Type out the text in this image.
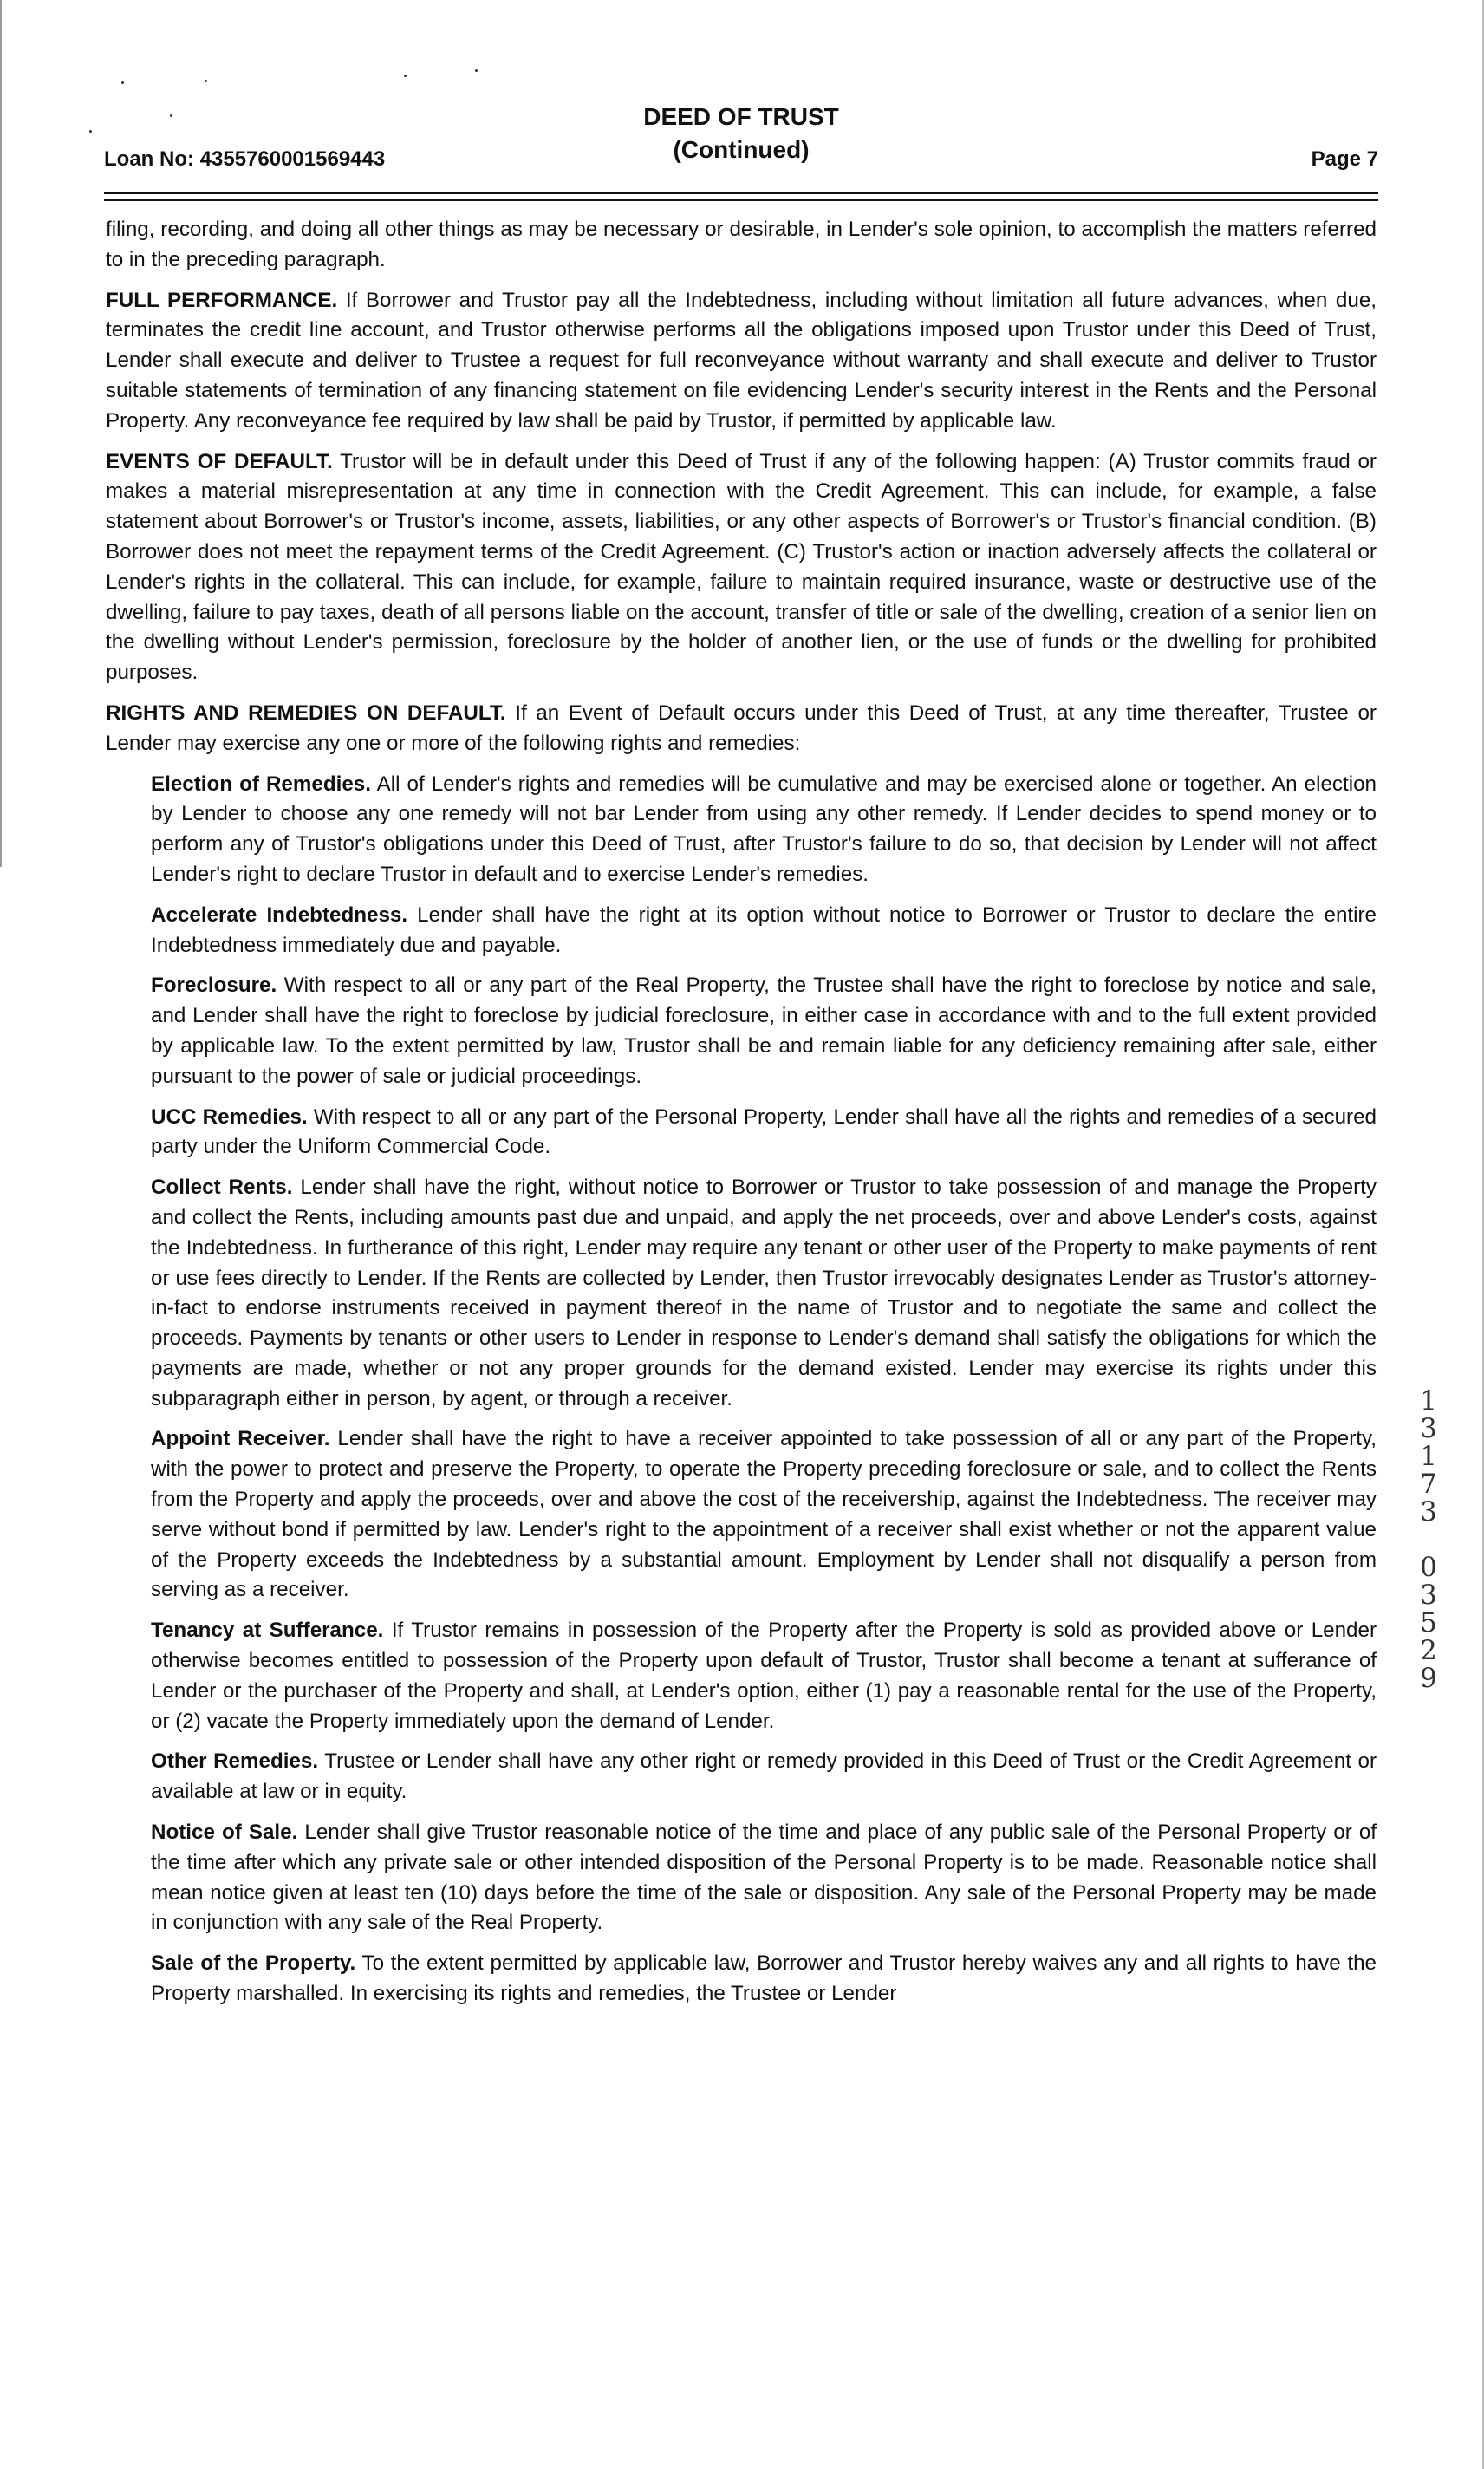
Loan No: 4355760001569443
DEED OF TRUST
(Continued)	Page 7

filing, recording, and doing all other things as may be necessary or desirable, in Lender's sole opinion, to accomplish the matters referred to in the preceding paragraph.

FULL PERFORMANCE. If Borrower and Trustor pay all the Indebtedness, including without limitation all future advances, when due, terminates the credit line account, and Trustor otherwise performs all the obligations imposed upon Trustor under this Deed of Trust, Lender shall execute and deliver to Trustee a request for full reconveyance without warranty and shall execute and deliver to Trustor suitable statements of termination of any financing statement on file evidencing Lender's security interest in the Rents and the Personal Property. Any reconveyance fee required by law shall be paid by Trustor, if permitted by applicable law.

EVENTS OF DEFAULT. Trustor will be in default under this Deed of Trust if any of the following happen: (A) Trustor commits fraud or makes a material misrepresentation at any time in connection with the Credit Agreement. This can include, for example, a false statement about Borrower's or Trustor's income, assets, liabilities, or any other aspects of Borrower's or Trustor's financial condition. (B) Borrower does not meet the repayment terms of the Credit Agreement. (C) Trustor's action or inaction adversely affects the collateral or Lender's rights in the collateral. This can include, for example, failure to maintain required insurance, waste or destructive use of the dwelling, failure to pay taxes, death of all persons liable on the account, transfer of title or sale of the dwelling, creation of a senior lien on the dwelling without Lender's permission, foreclosure by the holder of another lien, or the use of funds or the dwelling for prohibited purposes.

RIGHTS AND REMEDIES ON DEFAULT. If an Event of Default occurs under this Deed of Trust, at any time thereafter, Trustee or Lender may exercise any one or more of the following rights and remedies:

Election of Remedies. All of Lender's rights and remedies will be cumulative and may be exercised alone or together. An election by Lender to choose any one remedy will not bar Lender from using any other remedy. If Lender decides to spend money or to perform any of Trustor's obligations under this Deed of Trust, after Trustor's failure to do so, that decision by Lender will not affect Lender's right to declare Trustor in default and to exercise Lender's remedies.

Accelerate Indebtedness. Lender shall have the right at its option without notice to Borrower or Trustor to declare the entire Indebtedness immediately due and payable.

Foreclosure. With respect to all or any part of the Real Property, the Trustee shall have the right to foreclose by notice and sale, and Lender shall have the right to foreclose by judicial foreclosure, in either case in accordance with and to the full extent provided by applicable law. To the extent permitted by law, Trustor shall be and remain liable for any deficiency remaining after sale, either pursuant to the power of sale or judicial proceedings.

UCC Remedies. With respect to all or any part of the Personal Property, Lender shall have all the rights and remedies of a secured party under the Uniform Commercial Code.

Collect Rents. Lender shall have the right, without notice to Borrower or Trustor to take possession of and manage the Property and collect the Rents, including amounts past due and unpaid, and apply the net proceeds, over and above Lender's costs, against the Indebtedness. In furtherance of this right, Lender may require any tenant or other user of the Property to make payments of rent or use fees directly to Lender. If the Rents are collected by Lender, then Trustor irrevocably designates Lender as Trustor's attorney-in-fact to endorse instruments received in payment thereof in the name of Trustor and to negotiate the same and collect the proceeds. Payments by tenants or other users to Lender in response to Lender's demand shall satisfy the obligations for which the payments are made, whether or not any proper grounds for the demand existed. Lender may exercise its rights under this subparagraph either in person, by agent, or through a receiver.

Appoint Receiver. Lender shall have the right to have a receiver appointed to take possession of all or any part of the Property, with the power to protect and preserve the Property, to operate the Property preceding foreclosure or sale, and to collect the Rents from the Property and apply the proceeds, over and above the cost of the receivership, against the Indebtedness. The receiver may serve without bond if permitted by law. Lender's right to the appointment of a receiver shall exist whether or not the apparent value of the Property exceeds the Indebtedness by a substantial amount. Employment by Lender shall not disqualify a person from serving as a receiver.

Tenancy at Sufferance. If Trustor remains in possession of the Property after the Property is sold as provided above or Lender otherwise becomes entitled to possession of the Property upon default of Trustor, Trustor shall become a tenant at sufferance of Lender or the purchaser of the Property and shall, at Lender's option, either (1) pay a reasonable rental for the use of the Property, or (2) vacate the Property immediately upon the demand of Lender.

Other Remedies. Trustee or Lender shall have any other right or remedy provided in this Deed of Trust or the Credit Agreement or available at law or in equity.

Notice of Sale. Lender shall give Trustor reasonable notice of the time and place of any public sale of the Personal Property or of the time after which any private sale or other intended disposition of the Personal Property is to be made. Reasonable notice shall mean notice given at least ten (10) days before the time of the sale or disposition. Any sale of the Personal Property may be made in conjunction with any sale of the Real Property.

Sale of the Property. To the extent permitted by applicable law, Borrower and Trustor hereby waives any and all rights to have the Property marshalled. In exercising its rights and remedies, the Trustee or Lender

1
3
1
7
3

0
3
5
2
9
